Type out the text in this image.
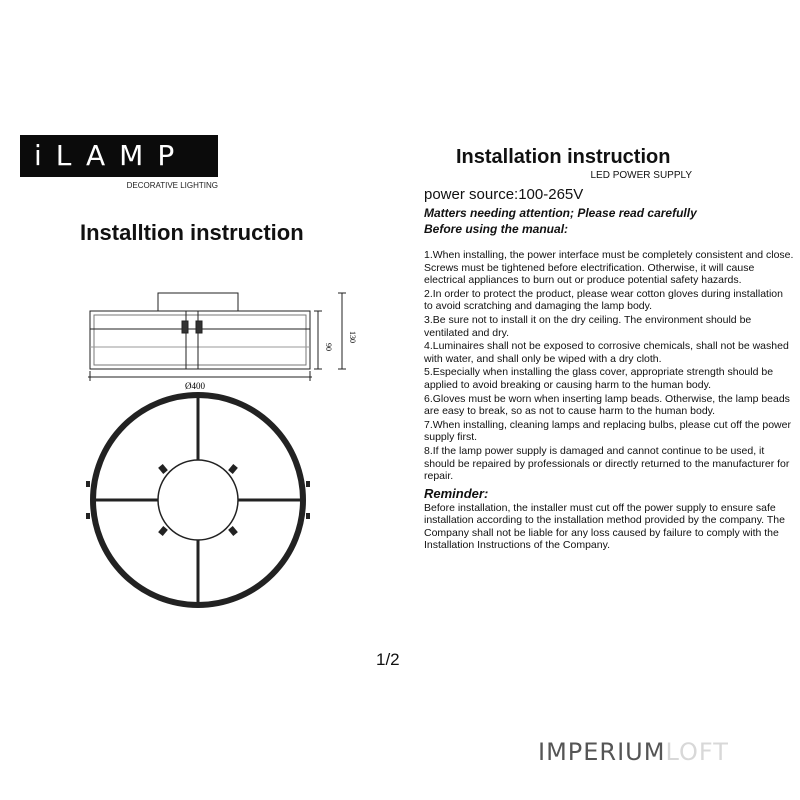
iLAMP
DECORATIVE LIGHTING
Installtion instruction
90
130
Ø400
1/2
Installation instruction
LED POWER SUPPLY
power source:100-265V
Matters needing attention; Please read carefully
Before using the manual:

1.When installing, the power interface must be completely consistent and close. Screws must be tightened before electrification. Otherwise, it will cause electrical appliances to burn out or produce potential safety hazards.

2.In order to protect the product, please wear cotton gloves during installation to avoid scratching and damaging the lamp body.

3.Be sure not to install it on the dry ceiling. The environment should be ventilated and dry.

4.Luminaires shall not be exposed to corrosive chemicals, shall not be washed with water, and shall only be wiped with a dry cloth.

5.Especially when installing the glass cover, appropriate strength should be applied to avoid breaking or causing harm to the human body.

6.Gloves must be worn when inserting lamp beads. Otherwise, the lamp beads are easy to break, so as not to cause harm to the human body.

7.When installing, cleaning lamps and replacing bulbs, please cut off the power supply first.

8.If the lamp power supply is damaged and cannot continue to be used, it should be repaired by professionals or directly returned to the manufacturer for repair.

Reminder:
Before installation, the installer must cut off the power supply to ensure safe installation according to the installation method provided by the company. The Company shall not be liable for any loss caused by failure to comply with the Installation Instructions of the Company.
IMPERIUMLOFT
